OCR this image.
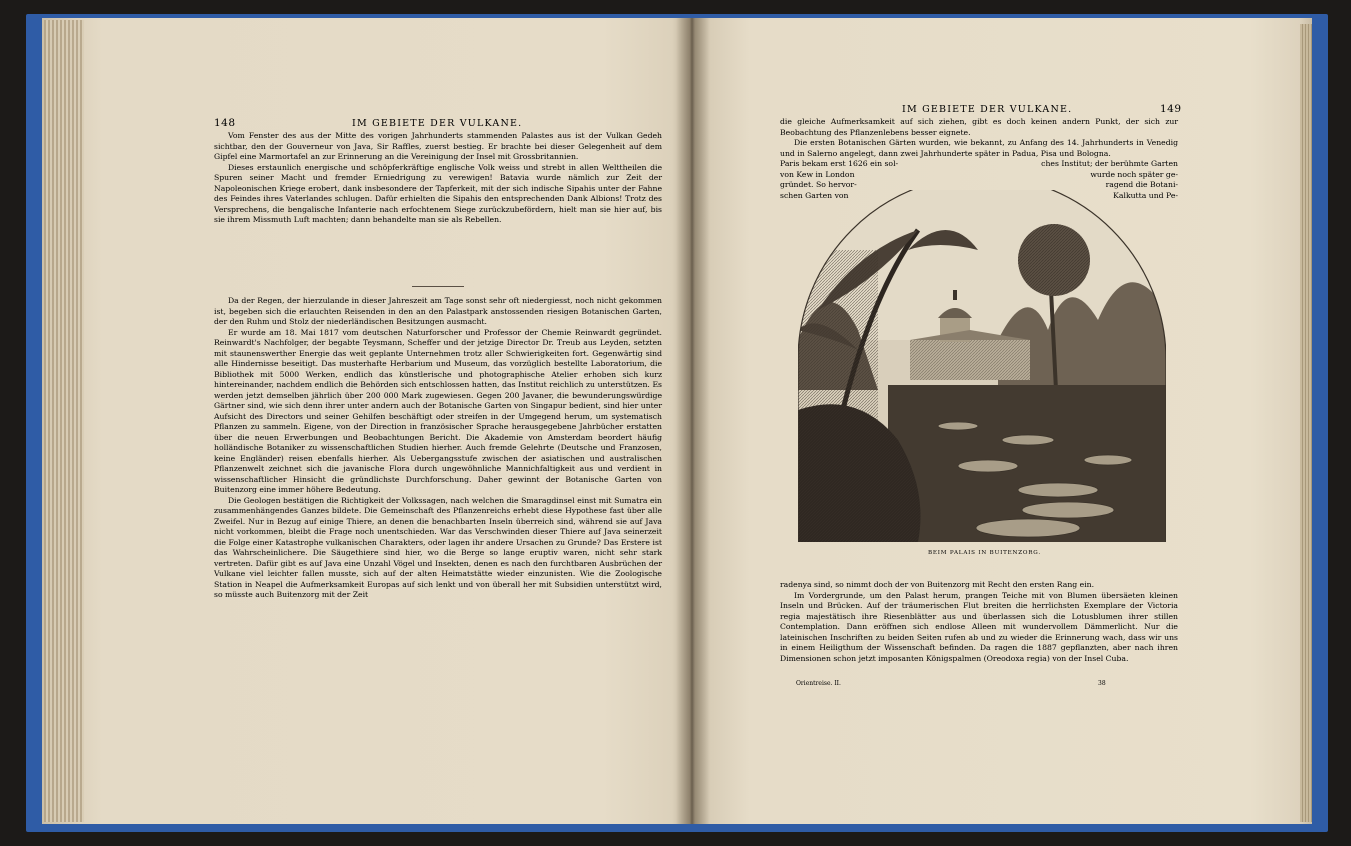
148	IM GEBIETE DER VULKANE.

Vom Fenster des aus der Mitte des vorigen Jahrhunderts stammenden Palastes aus ist der Vulkan Gedeh sichtbar, den der Gouverneur von Java, Sir Raffles, zuerst bestieg. Er brachte bei dieser Gelegenheit auf dem Gipfel eine Marmortafel an zur Erinnerung an die Vereinigung der Insel mit Grossbritannien.

Dieses erstaunlich energische und schöpferkräftige englische Volk weiss und strebt in allen Welttheilen die Spuren seiner Macht und fremder Erniedrigung zu verewigen! Batavia wurde nämlich zur Zeit der Napoleonischen Kriege erobert, dank insbesondere der Tapferkeit, mit der sich indische Sipahis unter der Fahne des Feindes ihres Vaterlandes schlugen. Dafür erhielten die Sipahis den entsprechenden Dank Albions! Trotz des Versprechens, die bengalische Infanterie nach erfochtenem Siege zurückzubefördern, hielt man sie hier auf, bis sie ihrem Missmuth Luft machten; dann behandelte man sie als Rebellen.

Da der Regen, der hierzulande in dieser Jahreszeit am Tage sonst sehr oft niedergiesst, noch nicht gekommen ist, begeben sich die erlauchten Reisenden in den an den Palastpark anstossenden riesigen Botanischen Garten, der den Ruhm und Stolz der niederländischen Besitzungen ausmacht.

Er wurde am 18. Mai 1817 vom deutschen Naturforscher und Professor der Chemie Reinwardt gegründet. Reinwardt's Nachfolger, der begabte Teysmann, Scheffer und der jetzige Director Dr. Treub aus Leyden, setzten mit staunenswerther Energie das weit geplante Unternehmen trotz aller Schwierigkeiten fort. Gegenwärtig sind alle Hindernisse beseitigt. Das musterhafte Herbarium und Museum, das vorzüglich bestellte Laboratorium, die Bibliothek mit 5000 Werken, endlich das künstlerische und photographische Atelier erhoben sich kurz hintereinander, nachdem endlich die Behörden sich entschlossen hatten, das Institut reichlich zu unterstützen. Es werden jetzt demselben jährlich über 200 000 Mark zugewiesen. Gegen 200 Javaner, die bewunderungswürdige Gärtner sind, wie sich denn ihrer unter andern auch der Botanische Garten von Singapur bedient, sind hier unter Aufsicht des Directors und seiner Gehilfen beschäftigt oder streifen in der Umgegend herum, um systematisch Pflanzen zu sammeln. Eigene, von der Direction in französischer Sprache herausgegebene Jahrbücher erstatten über die neuen Erwerbungen und Beobachtungen Bericht. Die Akademie von Amsterdam beordert häufig holländische Botaniker zu wissenschaftlichen Studien hierher. Auch fremde Gelehrte (Deutsche und Franzosen, keine Engländer) reisen ebenfalls hierher. Als Uebergangsstufe zwischen der asiatischen und australischen Pflanzenwelt zeichnet sich die javanische Flora durch ungewöhnliche Mannichfaltigkeit aus und verdient in wissenschaftlicher Hinsicht die gründlichste Durchforschung. Daher gewinnt der Botanische Garten von Buitenzorg eine immer höhere Bedeutung.

Die Geologen bestätigen die Richtigkeit der Volkssagen, nach welchen die Smaragdinsel einst mit Sumatra ein zusammenhängendes Ganzes bildete. Die Gemeinschaft des Pflanzenreichs erhebt diese Hypothese fast über alle Zweifel. Nur in Bezug auf einige Thiere, an denen die benachbarten Inseln überreich sind, während sie auf Java nicht vorkommen, bleibt die Frage noch unentschieden. War das Verschwinden dieser Thiere auf Java seinerzeit die Folge einer Katastrophe vulkanischen Charakters, oder lagen ihr andere Ursachen zu Grunde? Das Erstere ist das Wahrscheinlichere. Die Säugethiere sind hier, wo die Berge so lange eruptiv waren, nicht sehr stark vertreten. Dafür gibt es auf Java eine Unzahl Vögel und Insekten, denen es nach den furchtbaren Ausbrüchen der Vulkane viel leichter fallen musste, sich auf der alten Heimatstätte wieder einzunisten. Wie die Zoologische Station in Neapel die Aufmerksamkeit Europas auf sich lenkt und von überall her mit Subsidien unterstützt wird, so müsste auch Buitenzorg mit der Zeit

IM GEBIETE DER VULKANE.	149

die gleiche Aufmerksamkeit auf sich ziehen, gibt es doch keinen andern Punkt, der sich zur Beobachtung des Pflanzenlebens besser eignete.

Die ersten Botanischen Gärten wurden, wie bekannt, zu Anfang des 14. Jahrhunderts in Venedig und in Salerno angelegt, dann zwei Jahrhunderte später in Padua, Pisa und Bologna.

Paris bekam erst 1626 ein sol-	ches Institut; der berühmte Garten
von Kew in London	wurde noch später ge-
gründet. So hervor-	ragend die Botani-
schen Garten von	Kalkutta und Pe-
BEIM PALAIS IN BUITENZORG.

radenya sind, so nimmt doch der von Buitenzorg mit Recht den ersten Rang ein.

Im Vordergrunde, um den Palast herum, prangen Teiche mit von Blumen übersäeten kleinen Inseln und Brücken. Auf der träumerischen Flut breiten die herrlichsten Exemplare der Victoria regia majestätisch ihre Riesenblätter aus und überlassen sich die Lotusblumen ihrer stillen Contemplation. Dann eröffnen sich endlose Alleen mit wundervollem Dämmerlicht. Nur die lateinischen Inschriften zu beiden Seiten rufen ab und zu wieder die Erinnerung wach, dass wir uns in einem Heiligthum der Wissenschaft befinden. Da ragen die 1887 gepflanzten, aber nach ihren Dimensionen schon jetzt imposanten Königspalmen (Oreodoxa regia) von der Insel Cuba.

Orientreise. II.	38
